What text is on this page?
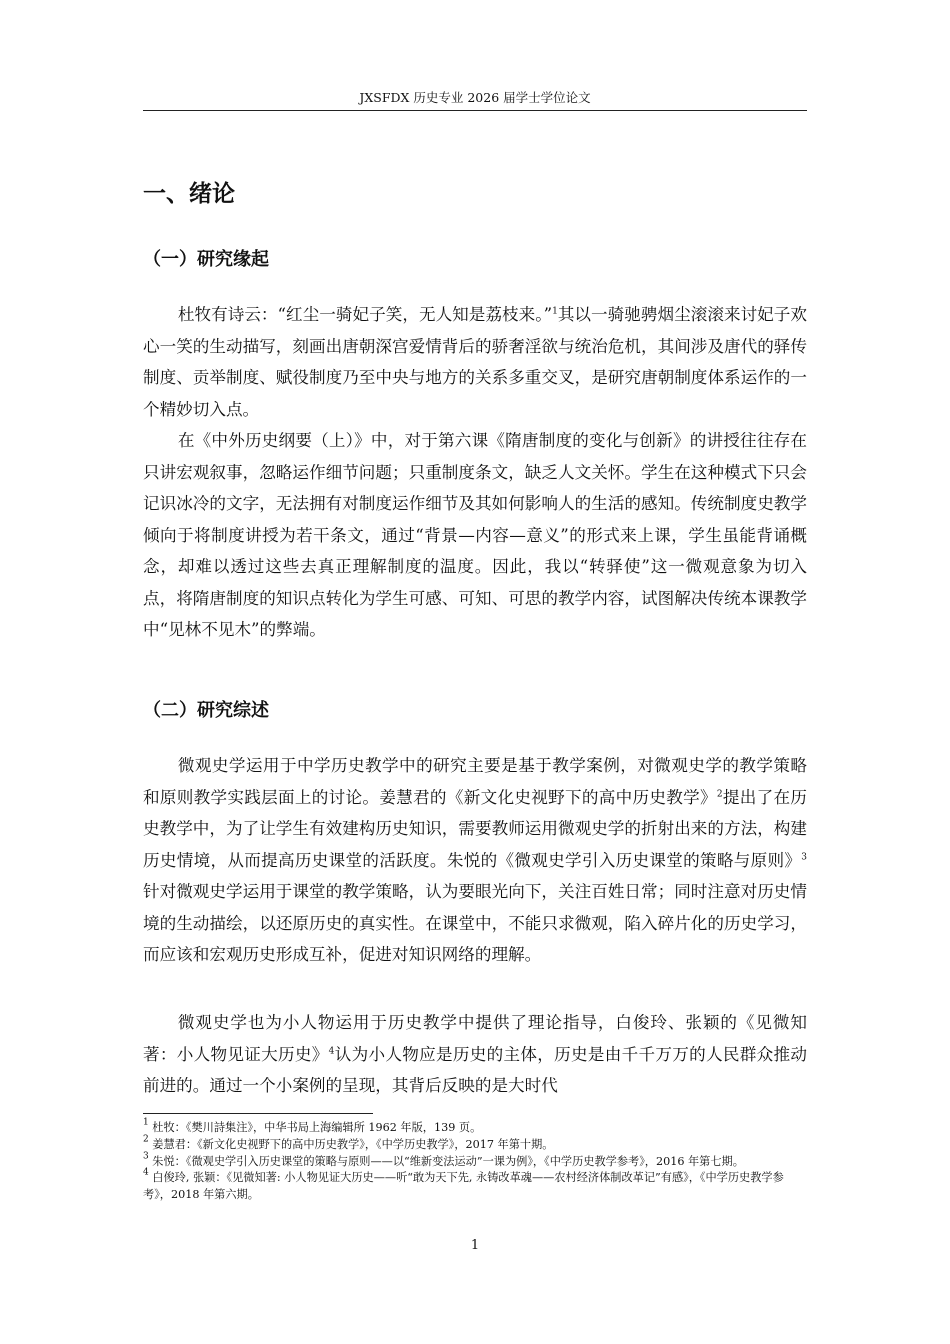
JXSFDX 历史专业 2026 届学士学位论文
一、绪论
（一）研究缘起

杜牧有诗云：“红尘一骑妃子笑，无人知是荔枝来。”$^1$其以一骑驰骋烟尘滚滚来讨妃子欢心一笑的生动描写，刻画出唐朝深宫爱情背后的骄奢淫欲与统治危机，其间涉及唐代的驿传制度、贡举制度、赋役制度乃至中央与地方的关系多重交叉，是研究唐朝制度体系运作的一个精妙切入点。

在《中外历史纲要（上）》中，对于第六课《隋唐制度的变化与创新》的讲授往往存在只讲宏观叙事，忽略运作细节问题；只重制度条文，缺乏人文关怀。学生在这种模式下只会记识冰冷的文字，无法拥有对制度运作细节及其如何影响人的生活的感知。传统制度史教学倾向于将制度讲授为若干条文，通过“背景—内容—意义”的形式来上课，学生虽能背诵概念，却难以透过这些去真正理解制度的温度。因此，我以“转驿使”这一微观意象为切入点，将隋唐制度的知识点转化为学生可感、可知、可思的教学内容，试图解决传统本课教学中“见林不见木”的弊端。

（二）研究综述

微观史学运用于中学历史教学中的研究主要是基于教学案例，对微观史学的教学策略和原则教学实践层面上的讨论。姜慧君的《新文化史视野下的高中历史教学》$^2$提出了在历史教学中，为了让学生有效建构历史知识，需要教师运用微观史学的折射出来的方法，构建历史情境，从而提高历史课堂的活跃度。朱悦的《微观史学引入历史课堂的策略与原则》$^3$针对微观史学运用于课堂的教学策略，认为要眼光向下，关注百姓日常；同时注意对历史情境的生动描绘，以还原历史的真实性。在课堂中，不能只求微观，陷入碎片化的历史学习，而应该和宏观历史形成互补，促进对知识网络的理解。

微观史学也为小人物运用于历史教学中提供了理论指导，白俊玲、张颖的《见微知著：小人物见证大历史》$^4$认为小人物应是历史的主体，历史是由千千万万的人民群众推动前进的。通过一个小案例的呈现，其背后反映的是大时代

$^1$ 杜牧：《樊川詩集注》，中华书局上海编辑所 1962 年版，139 页。

$^2$ 姜慧君：《新文化史视野下的高中历史教学》，《中学历史教学》，2017 年第十期。

$^3$ 朱悦：《微观史学引入历史课堂的策略与原则——以“维新变法运动”一课为例》，《中学历史教学参考》，2016 年第七期。

$^4$ 白俊玲, 张颖：《见微知著: 小人物见证大历史——听“敢为天下先, 永铸改革魂——农村经济体制改革记”有感》，《中学历史教学参考》，2018 年第六期。

1
